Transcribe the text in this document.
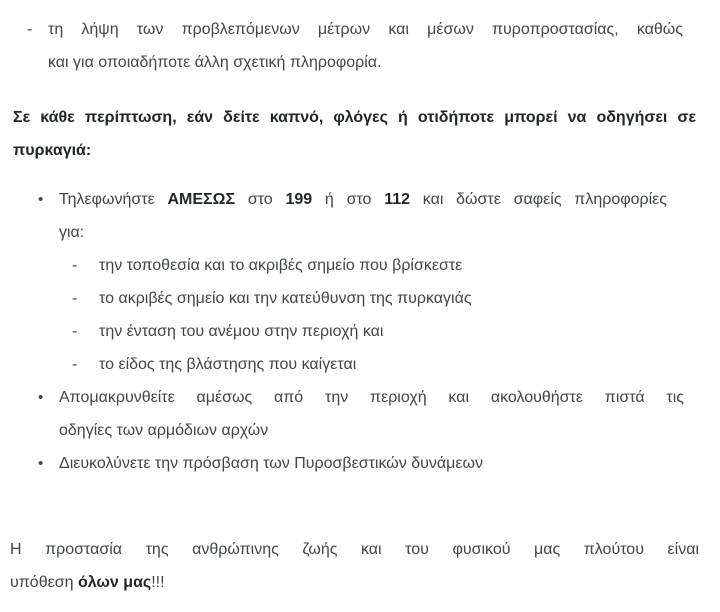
- τη λήψη των προβλεπόμενων μέτρων και μέσων πυροπροστασίας, καθώς
και για οποιαδήποτε άλλη σχετική πληροφορία.
Σε κάθε περίπτωση, εάν δείτε καπνό, φλόγες ή οτιδήποτε μπορεί να οδηγήσει σε
πυρκαγιά:
• Τηλεφωνήστε ΑΜΕΣΩΣ στο 199 ή στο 112 και δώστε σαφείς πληροφορίες
για:
- την τοποθεσία και το ακριβές σημείο που βρίσκεστε
- το ακριβές σημείο και την κατεύθυνση της πυρκαγιάς
- την ένταση του ανέμου στην περιοχή και
- το είδος της βλάστησης που καίγεται
• Απομακρυνθείτε αμέσως από την περιοχή και ακολουθήστε πιστά τις
οδηγίες των αρμόδιων αρχών
• Διευκολύνετε την πρόσβαση των Πυροσβεστικών δυνάμεων
Η προστασία της ανθρώπινης ζωής και του φυσικού μας πλούτου είναι
υπόθεση όλων μας!!!
